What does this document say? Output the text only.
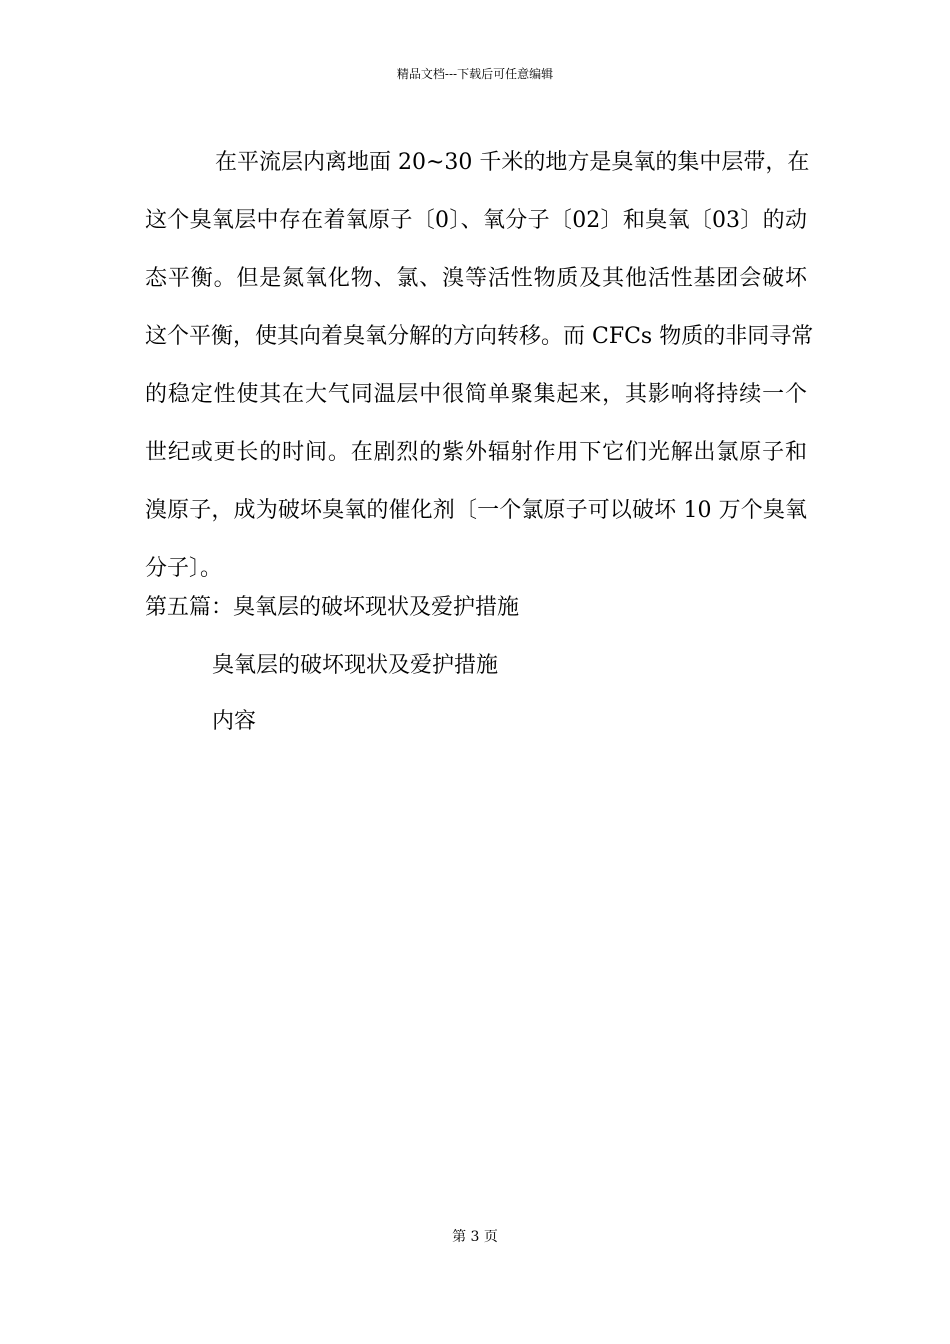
精品文档---下载后可任意编辑
在平流层内离地面 20~30 千米的地方是臭氧的集中层带，在
这个臭氧层中存在着氧原子〔0〕、氧分子〔02〕和臭氧〔03〕的动
态平衡。但是氮氧化物、氯、溴等活性物质及其他活性基团会破坏
这个平衡，使其向着臭氧分解的方向转移。而 CFCs 物质的非同寻常
的稳定性使其在大气同温层中很简单聚集起来，其影响将持续一个
世纪或更长的时间。在剧烈的紫外辐射作用下它们光解出氯原子和
溴原子，成为破坏臭氧的催化剂〔一个氯原子可以破坏 10 万个臭氧
分子〕。
第五篇：臭氧层的破坏现状及爱护措施
臭氧层的破坏现状及爱护措施
内容
第 3 页
